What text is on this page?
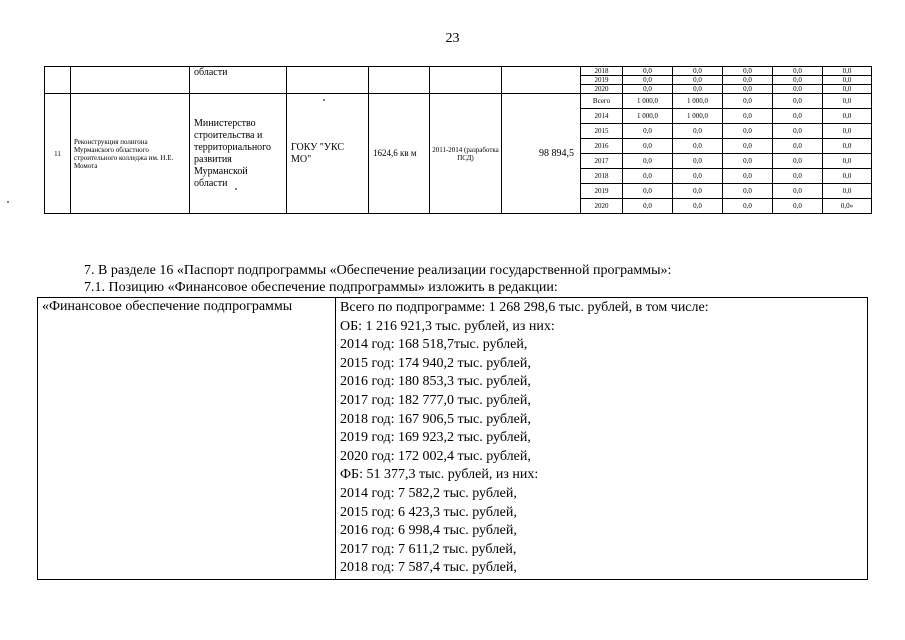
23
		области					2018	0,0	0,0	0,0	0,0	0,0
							2019	0,0	0,0	0,0	0,0	0,0
							2020	0,0	0,0	0,0	0,0	0,0
11	Реконструкция полигона Мурманского областного строительного колледжа им. Н.Е. Момота	Министерство строительства и территориального развития Мурманской области	ГОКУ "УКС МО"	1624,6 кв м	2011-2014 (разработка ПСД)	98 894,5	Всего	1 000,0	1 000,0	0,0	0,0	0,0
							2014	1 000,0	1 000,0	0,0	0,0	0,0
							2015	0,0	0,0	0,0	0,0	0,0
							2016	0,0	0,0	0,0	0,0	0,0
							2017	0,0	0,0	0,0	0,0	0,0
							2018	0,0	0,0	0,0	0,0	0,0
							2019	0,0	0,0	0,0	0,0	0,0
							2020	0,0	0,0	0,0	0,0	0,0»
7. В разделе 16 «Паспорт подпрограммы «Обеспечение реализации государственной программы»:
7.1. Позицию «Финансовое обеспечение подпрограммы» изложить в редакции:
«Финансовое обеспечение подпрограммы	Всего по подпрограмме: 1 268 298,6 тыс. рублей, в том числе:
ОБ: 1 216 921,3 тыс. рублей, из них:
2014 год: 168 518,7тыс. рублей,
2015 год: 174 940,2 тыс. рублей,
2016 год: 180 853,3 тыс. рублей,
2017 год: 182 777,0 тыс. рублей,
2018 год: 167 906,5 тыс. рублей,
2019 год: 169 923,2 тыс. рублей,
2020 год: 172 002,4 тыс. рублей,
ФБ: 51 377,3 тыс. рублей, из них:
2014 год: 7 582,2 тыс. рублей,
2015 год: 6 423,3 тыс. рублей,
2016 год: 6 998,4 тыс. рублей,
2017 год: 7 611,2 тыс. рублей,
2018 год: 7 587,4 тыс. рублей,
